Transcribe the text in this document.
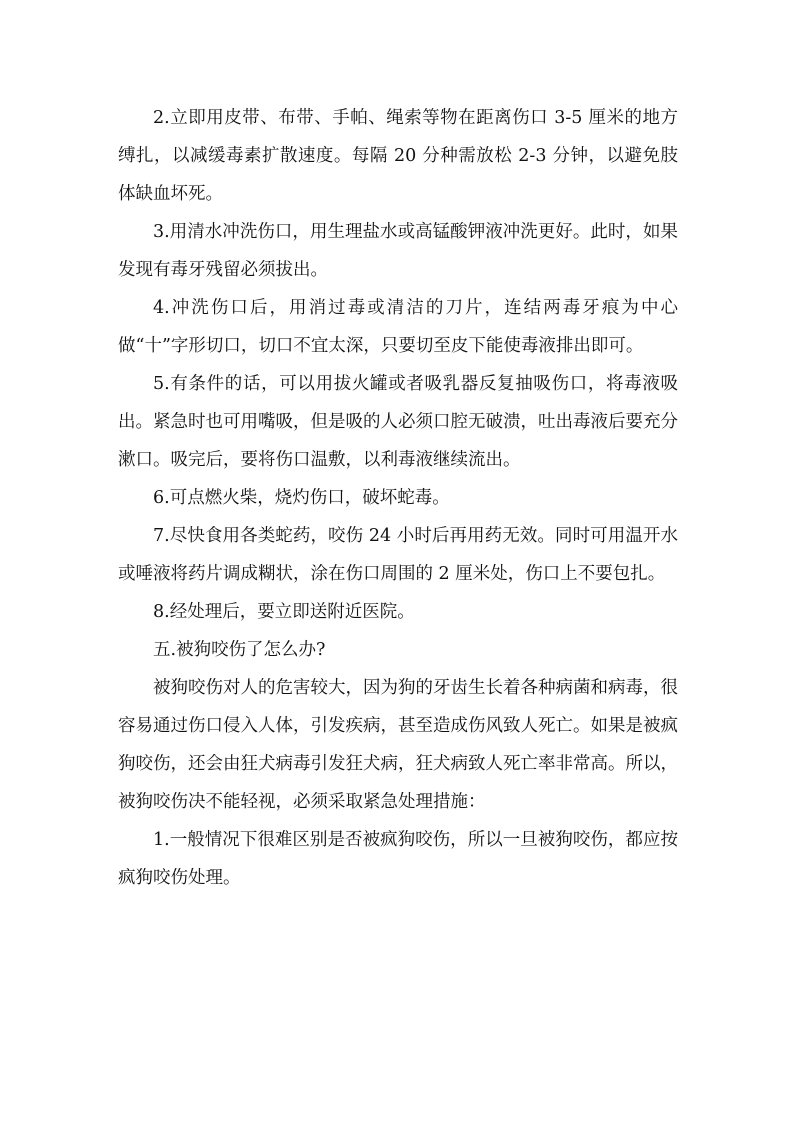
2.立即用皮带、布带、手帕、绳索等物在距离伤口 3-5 厘米的地方缚扎，以减缓毒素扩散速度。每隔 20 分种需放松 2-3 分钟，以避免肢体缺血坏死。

3.用清水冲洗伤口，用生理盐水或高锰酸钾液冲洗更好。此时，如果发现有毒牙残留必须拔出。

4.冲洗伤口后，用消过毒或清洁的刀片，连结两毒牙痕为中心做“十”字形切口，切口不宜太深，只要切至皮下能使毒液排出即可。

5.有条件的话，可以用拔火罐或者吸乳器反复抽吸伤口，将毒液吸出。紧急时也可用嘴吸，但是吸的人必须口腔无破溃，吐出毒液后要充分漱口。吸完后，要将伤口温敷，以利毒液继续流出。

6.可点燃火柴，烧灼伤口，破坏蛇毒。

7.尽快食用各类蛇药，咬伤 24 小时后再用药无效。同时可用温开水或唾液将药片调成糊状，涂在伤口周围的 2 厘米处，伤口上不要包扎。

8.经处理后，要立即送附近医院。

五.被狗咬伤了怎么办?

被狗咬伤对人的危害较大，因为狗的牙齿生长着各种病菌和病毒，很容易通过伤口侵入人体，引发疾病，甚至造成伤风致人死亡。如果是被疯狗咬伤，还会由狂犬病毒引发狂犬病，狂犬病致人死亡率非常高。所以，被狗咬伤决不能轻视，必须采取紧急处理措施：

1.一般情况下很难区别是否被疯狗咬伤，所以一旦被狗咬伤，都应按疯狗咬伤处理。
